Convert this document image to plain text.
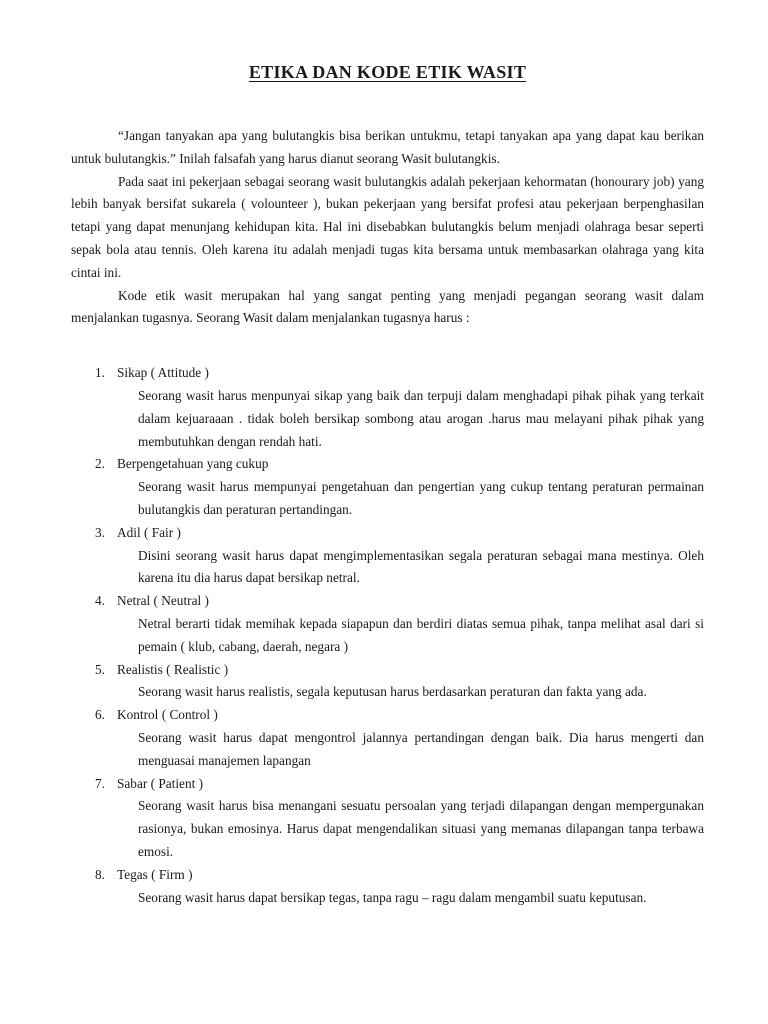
ETIKA DAN KODE ETIK WASIT

“Jangan tanyakan apa yang bulutangkis bisa berikan untukmu, tetapi tanyakan apa yang dapat kau berikan untuk bulutangkis.” Inilah falsafah yang harus dianut seorang Wasit bulutangkis.

Pada saat ini pekerjaan sebagai seorang wasit bulutangkis adalah pekerjaan kehormatan (honourary job) yang lebih banyak bersifat sukarela ( volounteer ), bukan pekerjaan yang bersifat profesi atau pekerjaan berpenghasilan tetapi yang dapat menunjang kehidupan kita. Hal ini disebabkan bulutangkis belum menjadi olahraga besar seperti sepak bola atau tennis. Oleh karena itu adalah menjadi tugas kita bersama untuk membasarkan olahraga yang kita cintai ini.

Kode etik wasit merupakan hal yang sangat penting yang menjadi pegangan seorang wasit dalam menjalankan tugasnya. Seorang Wasit dalam menjalankan tugasnya harus :

1. Sikap ( Attitude )
Seorang wasit harus menpunyai sikap yang baik dan terpuji dalam menghadapi pihak pihak yang terkait dalam kejuaraaan . tidak boleh bersikap sombong atau arogan .harus mau melayani pihak pihak yang membutuhkan dengan rendah hati.
2. Berpengetahuan yang cukup
Seorang wasit harus mempunyai pengetahuan dan pengertian yang cukup tentang peraturan permainan bulutangkis dan peraturan pertandingan.
3. Adil ( Fair )
Disini seorang wasit harus dapat mengimplementasikan segala peraturan sebagai mana mestinya. Oleh karena itu dia harus dapat bersikap netral.
4. Netral ( Neutral )
Netral berarti tidak memihak kepada siapapun dan berdiri diatas semua pihak, tanpa melihat asal dari si pemain ( klub, cabang, daerah, negara )
5. Realistis ( Realistic )
Seorang wasit harus realistis, segala keputusan harus berdasarkan peraturan dan fakta yang ada.
6. Kontrol ( Control )
Seorang wasit harus dapat mengontrol jalannya pertandingan dengan baik. Dia harus mengerti dan menguasai manajemen lapangan
7. Sabar ( Patient )
Seorang wasit harus bisa menangani sesuatu persoalan yang terjadi dilapangan dengan mempergunakan rasionya, bukan emosinya. Harus dapat mengendalikan situasi yang memanas dilapangan tanpa terbawa emosi.
8. Tegas ( Firm )
Seorang wasit harus dapat bersikap tegas, tanpa ragu – ragu dalam mengambil suatu keputusan.
